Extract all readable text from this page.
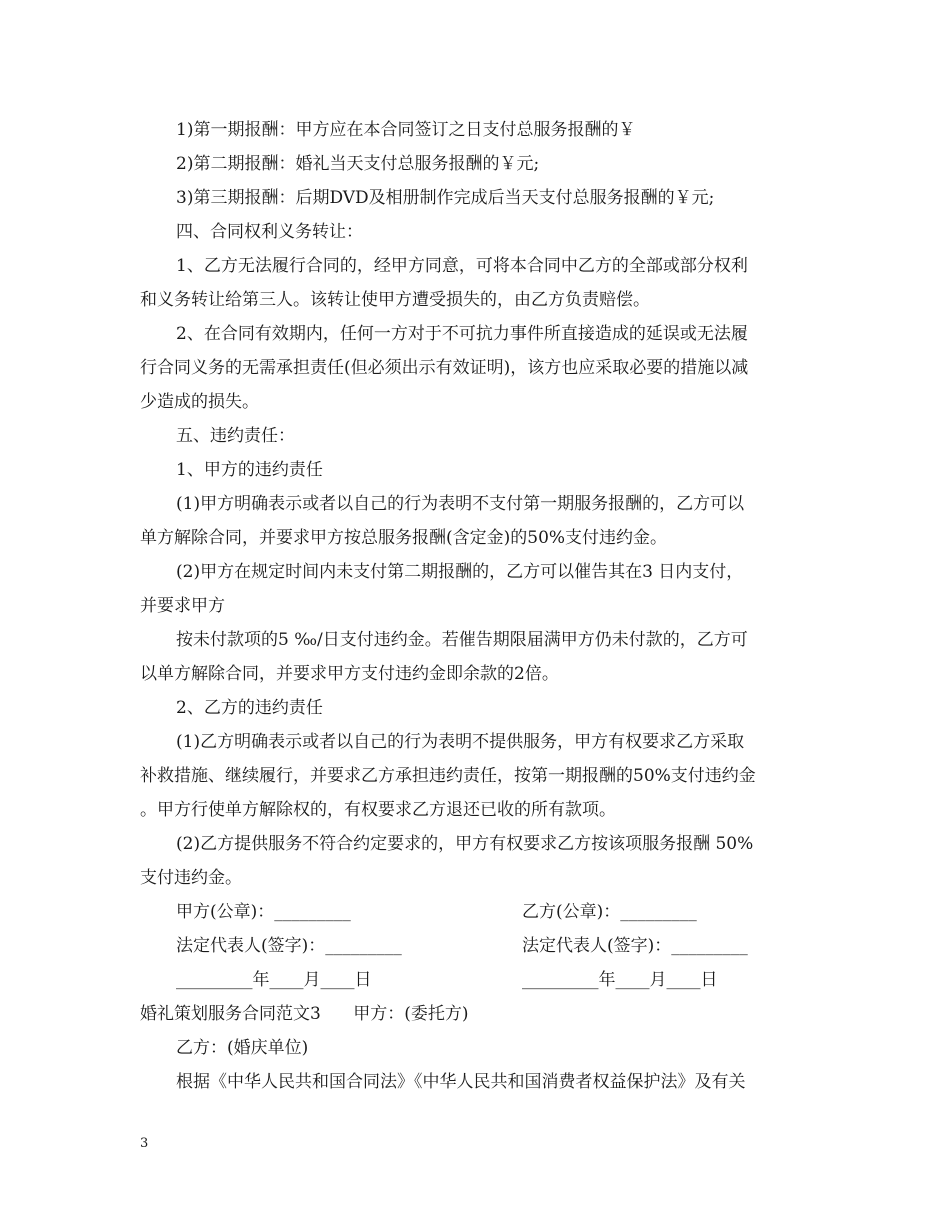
1)第一期报酬：甲方应在本合同签订之日支付总服务报酬的￥
2)第二期报酬：婚礼当天支付总服务报酬的￥元;
3)第三期报酬：后期DVD及相册制作完成后当天支付总服务报酬的￥元;
四、合同权利义务转让：
1、乙方无法履行合同的，经甲方同意，可将本合同中乙方的全部或部分权利
和义务转让给第三人。该转让使甲方遭受损失的，由乙方负责赔偿。
2、在合同有效期内，任何一方对于不可抗力事件所直接造成的延误或无法履
行合同义务的无需承担责任(但必须出示有效证明)，该方也应采取必要的措施以减
少造成的损失。
五、违约责任：
1、甲方的违约责任
(1)甲方明确表示或者以自己的行为表明不支付第一期服务报酬的，乙方可以
单方解除合同，并要求甲方按总服务报酬(含定金)的50%支付违约金。
(2)甲方在规定时间内未支付第二期报酬的，乙方可以催告其在3 日内支付，
并要求甲方
按未付款项的5 ‰/日支付违约金。若催告期限届满甲方仍未付款的，乙方可
以单方解除合同，并要求甲方支付违约金即余款的2倍。
2、乙方的违约责任
(1)乙方明确表示或者以自己的行为表明不提供服务，甲方有权要求乙方采取
补救措施、继续履行，并要求乙方承担违约责任，按第一期报酬的50%支付违约金
。甲方行使单方解除权的，有权要求乙方退还已收的所有款项。
(2)乙方提供服务不符合约定要求的，甲方有权要求乙方按该项服务报酬 50%
支付违约金。
甲方(公章)：_________	乙方(公章)：_________
法定代表人(签字)：_________	法定代表人(签字)：_________
_________年____月____日	_________年____月____日
婚礼策划服务合同范文3      甲方：(委托方)
乙方：(婚庆单位)
根据《中华人民共和国合同法》《中华人民共和国消费者权益保护法》及有关
3
